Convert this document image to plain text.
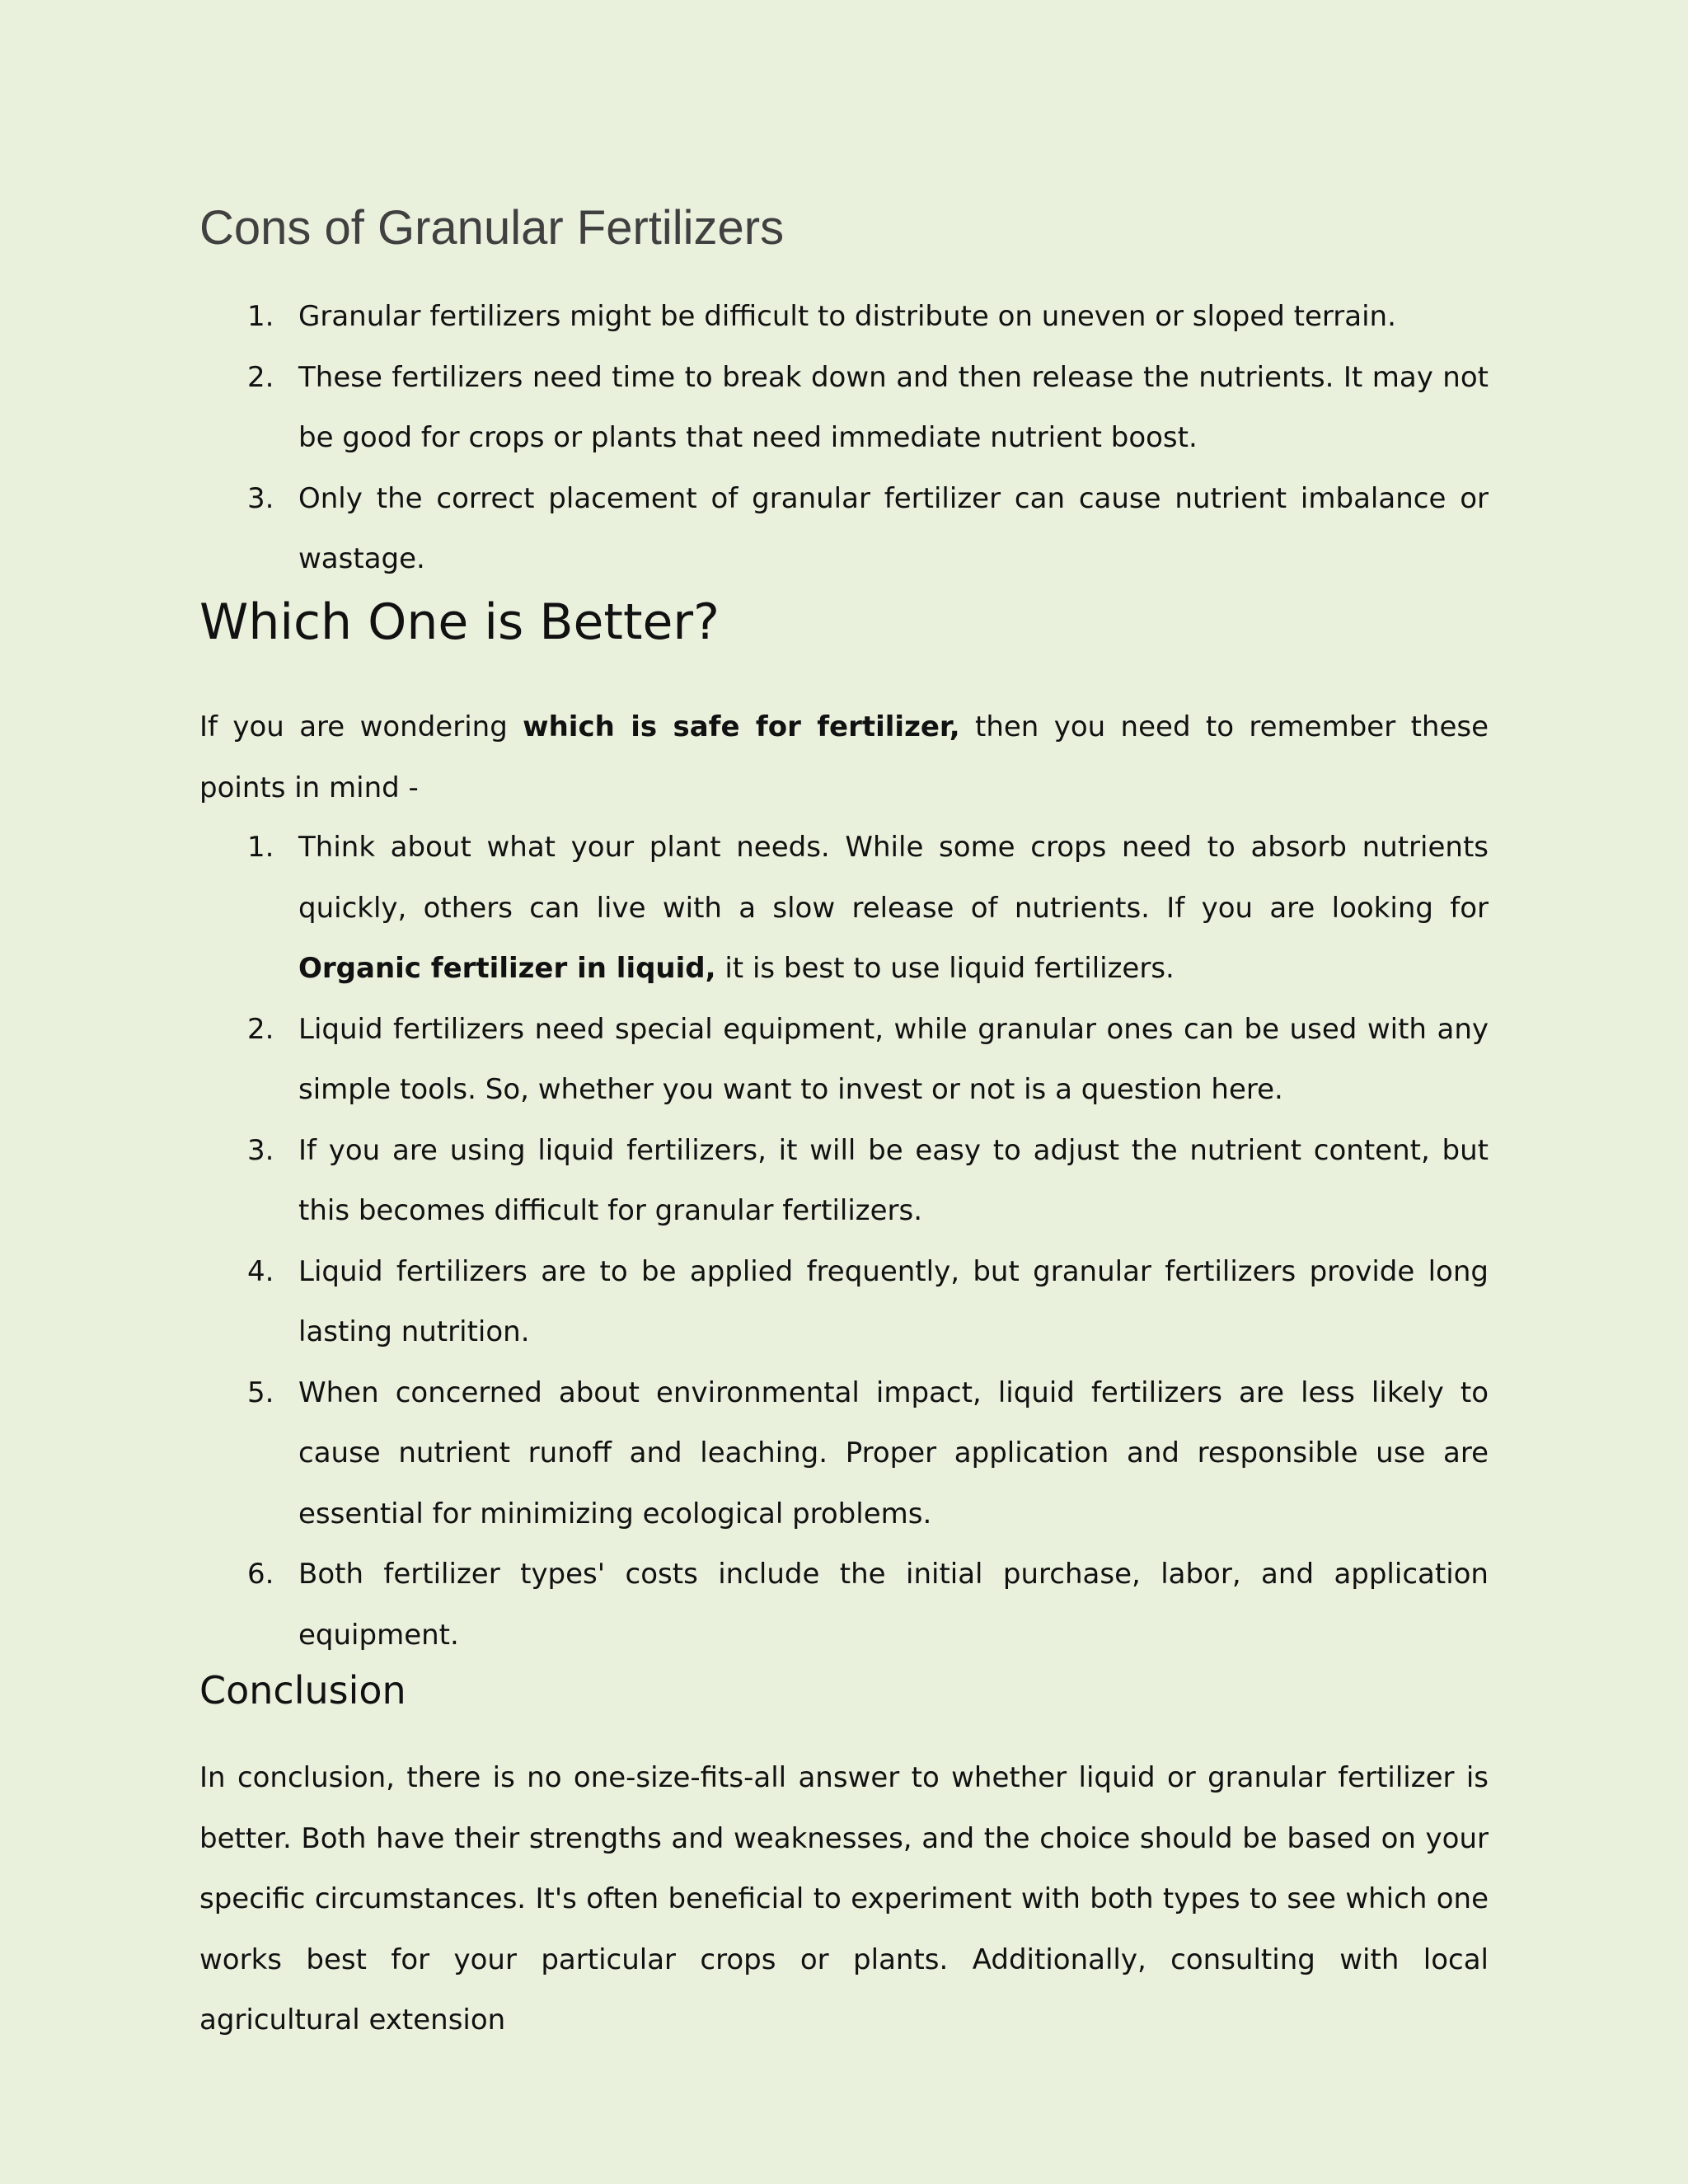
Cons of Granular Fertilizers
1. Granular fertilizers might be difficult to distribute on uneven or sloped terrain.
2. These fertilizers need time to break down and then release the nutrients. It may not be good for crops or plants that need immediate nutrient boost.
3. Only the correct placement of granular fertilizer can cause nutrient imbalance or wastage.
Which One is Better?

If you are wondering which is safe for fertilizer, then you need to remember these points in mind -

1. Think about what your plant needs. While some crops need to absorb nutrients quickly, others can live with a slow release of nutrients. If you are looking for Organic fertilizer in liquid, it is best to use liquid fertilizers.
2. Liquid fertilizers need special equipment, while granular ones can be used with any simple tools. So, whether you want to invest or not is a question here.
3. If you are using liquid fertilizers, it will be easy to adjust the nutrient content, but this becomes difficult for granular fertilizers.
4. Liquid fertilizers are to be applied frequently, but granular fertilizers provide long lasting nutrition.
5. When concerned about environmental impact, liquid fertilizers are less likely to cause nutrient runoff and leaching. Proper application and responsible use are essential for minimizing ecological problems.
6. Both fertilizer types' costs include the initial purchase, labor, and application equipment.
Conclusion

In conclusion, there is no one-size-fits-all answer to whether liquid or granular fertilizer is better. Both have their strengths and weaknesses, and the choice should be based on your specific circumstances. It's often beneficial to experiment with both types to see which one works best for your particular crops or plants. Additionally, consulting with local agricultural extension
